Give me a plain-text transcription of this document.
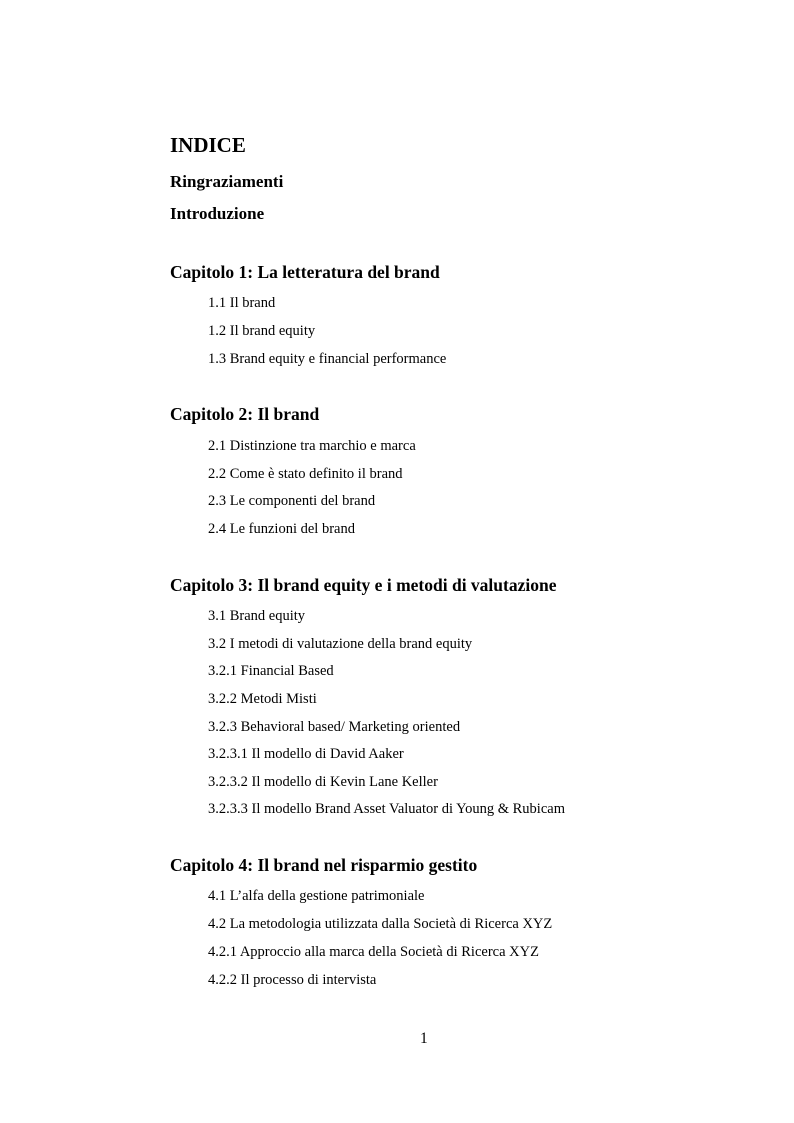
INDICE
Ringraziamenti
Introduzione
Capitolo 1: La letteratura del brand
1.1 Il brand
1.2 Il brand equity
1.3 Brand equity e financial performance
Capitolo 2: Il brand
2.1 Distinzione tra marchio e marca
2.2 Come è stato definito il brand
2.3 Le componenti del brand
2.4 Le funzioni del brand
Capitolo 3: Il brand equity e i metodi di valutazione
3.1 Brand equity
3.2 I metodi di valutazione della brand equity
3.2.1 Financial Based
3.2.2 Metodi Misti
3.2.3 Behavioral based/ Marketing oriented
3.2.3.1 Il modello di David Aaker
3.2.3.2 Il modello di Kevin Lane Keller
3.2.3.3 Il modello Brand Asset Valuator di Young & Rubicam
Capitolo 4: Il brand nel risparmio gestito
4.1 L’alfa della gestione patrimoniale
4.2 La metodologia utilizzata dalla Società di Ricerca XYZ
4.2.1 Approccio alla marca della Società di Ricerca XYZ
4.2.2 Il processo di intervista
1
